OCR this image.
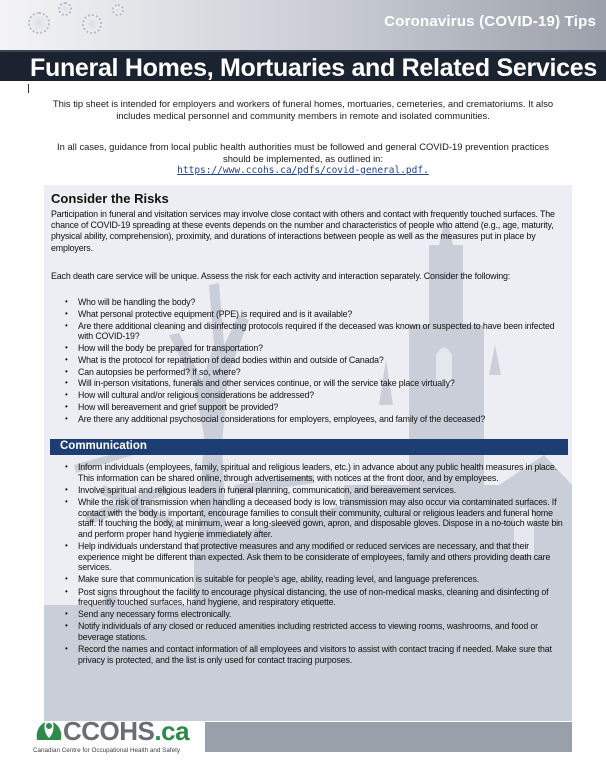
Coronavirus (COVID-19) Tips
Funeral Homes, Mortuaries and Related Services
This tip sheet is intended for employers and workers of funeral homes, mortuaries, cemeteries, and crematoriums. It also includes medical personnel and community members in remote and isolated communities.
In all cases, guidance from local public health authorities must be followed and general COVID-19 prevention practices should be implemented, as outlined in:
https://www.ccohs.ca/pdfs/covid-general.pdf.
Consider the Risks
Participation in funeral and visitation services may involve close contact with others and contact with frequently touched surfaces. The chance of COVID-19 spreading at these events depends on the number and characteristics of people who attend (e.g., age, maturity, physical ability, comprehension), proximity, and durations of interactions between people as well as the measures put in place by employers.
Each death care service will be unique. Assess the risk for each activity and interaction separately. Consider the following:
• Who will be handling the body?
• What personal protective equipment (PPE) is required and is it available?
• Are there additional cleaning and disinfecting protocols required if the deceased was known or suspected to have been infected with COVID-19?
• How will the body be prepared for transportation?
• What is the protocol for repatriation of dead bodies within and outside of Canada?
• Can autopsies be performed? If so, where?
• Will in-person visitations, funerals and other services continue, or will the service take place virtually?
• How will cultural and/or religious considerations be addressed?
• How will bereavement and grief support be provided?
• Are there any additional psychosocial considerations for employers, employees, and family of the deceased?
Communication
• Inform individuals (employees, family, spiritual and religious leaders, etc.) in advance about any public health measures in place. This information can be shared online, through advertisements, with notices at the front door, and by employees.
• Involve spiritual and religious leaders in funeral planning, communication, and bereavement services.
• While the risk of transmission when handling a deceased body is low, transmission may also occur via contaminated surfaces. If contact with the body is important, encourage families to consult their community, cultural or religious leaders and funeral home staff. If touching the body, at minimum, wear a long-sleeved gown, apron, and disposable gloves. Dispose in a no-touch waste bin and perform proper hand hygiene immediately after.
• Help individuals understand that protective measures and any modified or reduced services are necessary, and that their experience might be different than expected. Ask them to be considerate of employees, family and others providing death care services.
• Make sure that communication is suitable for people’s age, ability, reading level, and language preferences.
• Post signs throughout the facility to encourage physical distancing, the use of non-medical masks, cleaning and disinfecting of frequently touched surfaces, hand hygiene, and respiratory etiquette.
• Send any necessary forms electronically.
• Notify individuals of any closed or reduced amenities including restricted access to viewing rooms, washrooms, and food or beverage stations.
• Record the names and contact information of all employees and visitors to assist with contact tracing if needed. Make sure that privacy is protected, and the list is only used for contact tracing purposes.
CCOHS.ca
Canadian Centre for Occupational Health and Safety
